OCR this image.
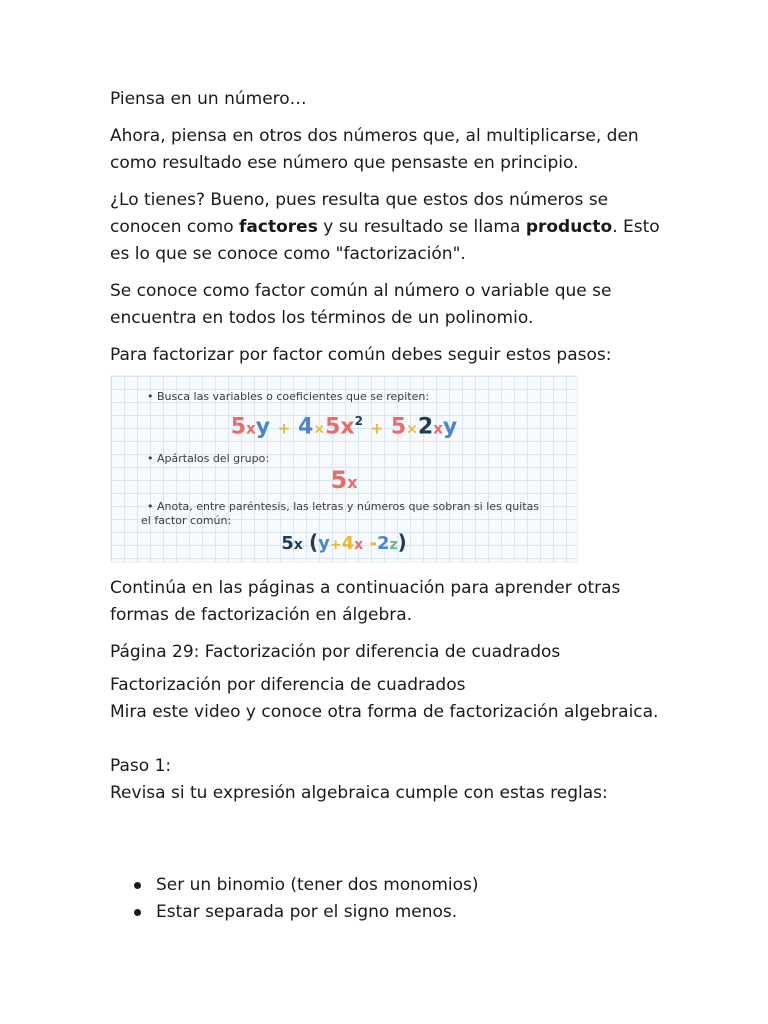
Piensa en un número…

Ahora, piensa en otros dos números que, al multiplicarse, den como resultado ese número que pensaste en principio.

¿Lo tienes? Bueno, pues resulta que estos dos números se conocen como factores y su resultado se llama producto. Esto es lo que se conoce como "factorización".

Se conoce como factor común al número o variable que se encuentra en todos los términos de un polinomio.

Para factorizar por factor común debes seguir estos pasos:

• Busca las variables o coeficientes que se repiten:
$5xy + 4\times 5x^2 + 5\times 2xy$
• Apártalos del grupo:
5x
• Anota, entre paréntesis, las letras y números que sobran si les quitas
el factor común:
5x (y+4x -2z)

Continúa en las páginas a continuación para aprender otras formas de factorización en álgebra.

Página 29: Factorización por diferencia de cuadrados

Factorización por diferencia de cuadrados

Mira este video y conoce otra forma de factorización algebraica.

Paso 1:

Revisa si tu expresión algebraica cumple con estas reglas:

Ser un binomio (tener dos monomios)
Estar separada por el signo menos.
